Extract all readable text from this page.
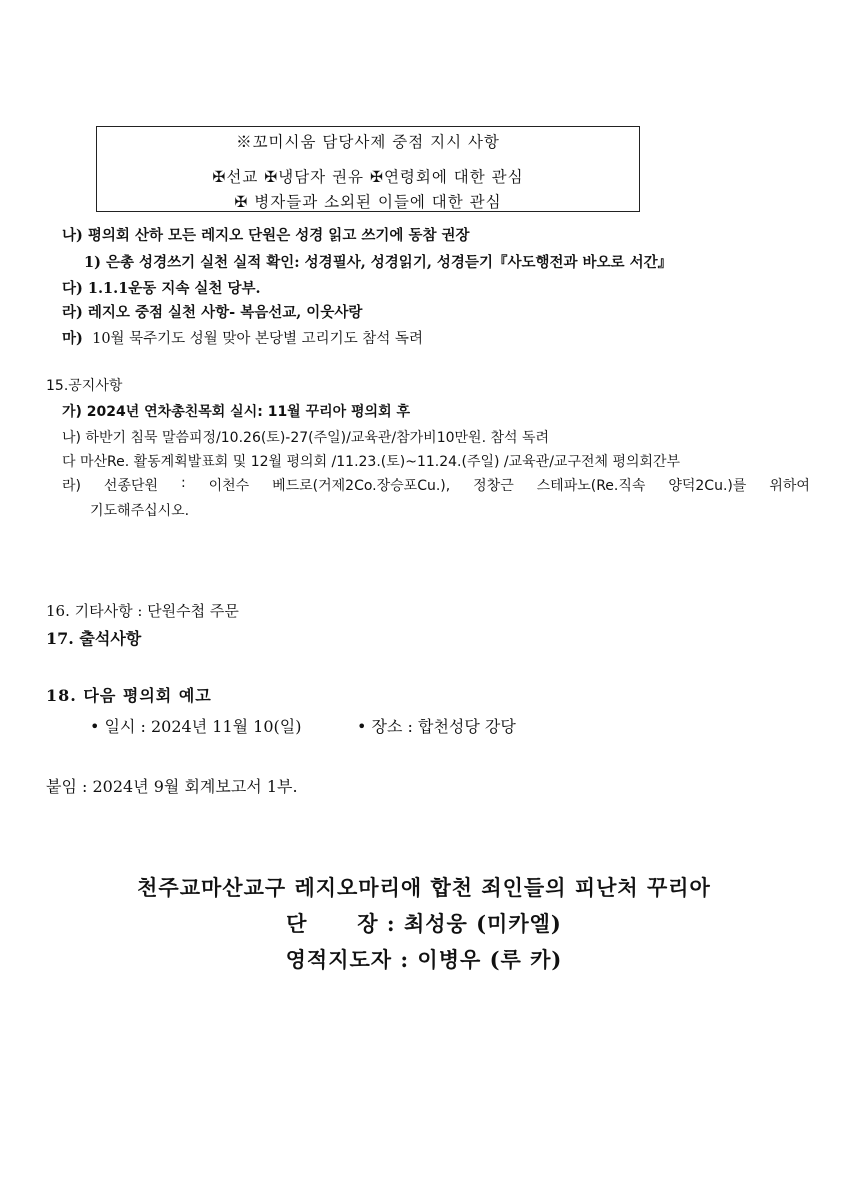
※꼬미시움 담당사제 중점 지시 사항
✠선교 ✠냉담자 권유 ✠연령회에 대한 관심
✠ 병자들과 소외된 이들에 대한 관심
나) 평의회 산하 모든 레지오 단원은 성경 읽고 쓰기에 동참 권장
1) 은총 성경쓰기 실천 실적 확인: 성경필사, 성경읽기, 성경듣기『사도행전과 바오로 서간』
다) 1.1.1운동 지속 실천 당부.
라) 레지오 중점 실천 사항- 복음선교, 이웃사랑
마) 10월 묵주기도 성월 맞아 본당별 고리기도 참석 독려
15.공지사항
가) 2024년 연차총친목회 실시: 11월 꾸리아 평의회 후
나) 하반기 침묵 말씀피정/10.26(토)-27(주일)/교육관/참가비10만원. 참석 독려
다 마산Re. 활동계획발표회 및 12월 평의회 /11.23.(토)~11.24.(주일) /교육관/교구전체 평의회간부
라) 선종단원 : 이천수 베드로(거제2Co.장승포Cu.), 정창근 스테파노(Re.직속 양덕2Cu.)를 위하여
기도해주십시오.
16. 기타사항 : 단원수첩 주문
17. 출석사항
18. 다음 평의회 예고
• 일시 : 2024년 11월 10(일)	• 장소 : 합천성당 강당
붙임 : 2024년 9월 회계보고서 1부.
천주교마산교구 레지오마리애 합천 죄인들의 피난처 꾸리아
단      장 : 최성웅 (미카엘)
영적지도자 : 이병우 (루 카)
